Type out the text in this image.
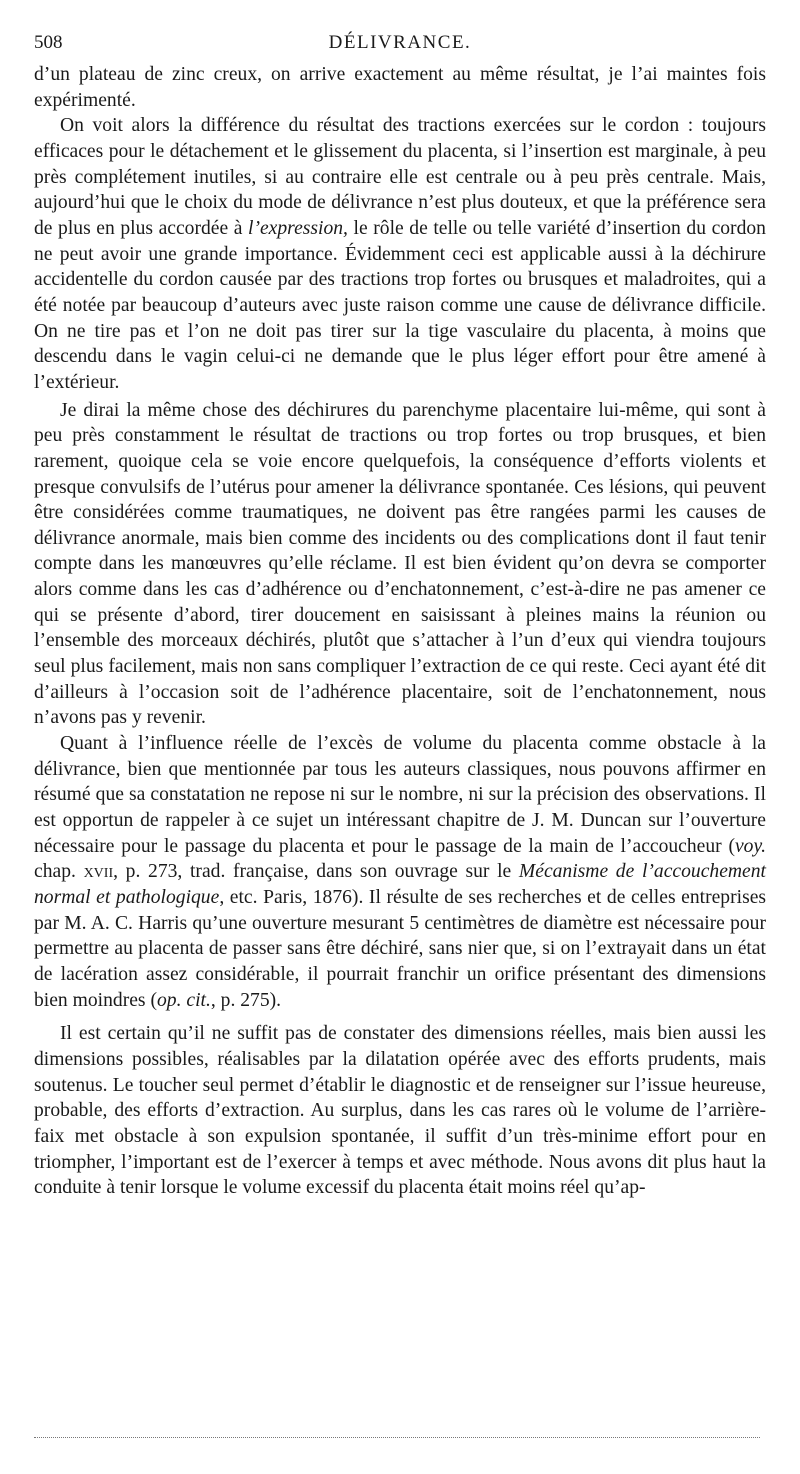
508	DÉLIVRANCE.

d’un plateau de zinc creux, on arrive exactement au même résultat, je l’ai maintes fois expérimenté.

On voit alors la différence du résultat des tractions exercées sur le cordon : toujours efficaces pour le détachement et le glissement du placenta, si l’insertion est marginale, à peu près complétement inutiles, si au contraire elle est centrale ou à peu près centrale. Mais, aujourd’hui que le choix du mode de délivrance n’est plus douteux, et que la préférence sera de plus en plus accordée à l’expression, le rôle de telle ou telle variété d’insertion du cordon ne peut avoir une grande importance. Évidemment ceci est applicable aussi à la déchirure accidentelle du cordon causée par des tractions trop fortes ou brusques et maladroites, qui a été notée par beaucoup d’auteurs avec juste raison comme une cause de délivrance difficile. On ne tire pas et l’on ne doit pas tirer sur la tige vasculaire du placenta, à moins que descendu dans le vagin celui-ci ne demande que le plus léger effort pour être amené à l’extérieur.

Je dirai la même chose des déchirures du parenchyme placentaire lui-même, qui sont à peu près constamment le résultat de tractions ou trop fortes ou trop brusques, et bien rarement, quoique cela se voie encore quelquefois, la conséquence d’efforts violents et presque convulsifs de l’utérus pour amener la délivrance spontanée. Ces lésions, qui peuvent être considérées comme traumatiques, ne doivent pas être rangées parmi les causes de délivrance anormale, mais bien comme des incidents ou des complications dont il faut tenir compte dans les manœuvres qu’elle réclame. Il est bien évident qu’on devra se comporter alors comme dans les cas d’adhérence ou d’enchatonnement, c’est-à-dire ne pas amener ce qui se présente d’abord, tirer doucement en saisissant à pleines mains la réunion ou l’ensemble des morceaux déchirés, plutôt que s’attacher à l’un d’eux qui viendra toujours seul plus facilement, mais non sans compliquer l’extraction de ce qui reste. Ceci ayant été dit d’ailleurs à l’occasion soit de l’adhérence placentaire, soit de l’enchatonnement, nous n’avons pas y revenir.

Quant à l’influence réelle de l’excès de volume du placenta comme obstacle à la délivrance, bien que mentionnée par tous les auteurs classiques, nous pouvons affirmer en résumé que sa constatation ne repose ni sur le nombre, ni sur la précision des observations. Il est opportun de rappeler à ce sujet un intéressant chapitre de J. M. Duncan sur l’ouverture nécessaire pour le passage du placenta et pour le passage de la main de l’accoucheur (voy. chap. xvii, p. 273, trad. française, dans son ouvrage sur le Mécanisme de l’accouchement normal et pathologique, etc. Paris, 1876). Il résulte de ses recherches et de celles entreprises par M. A. C. Harris qu’une ouverture mesurant 5 centimètres de diamètre est nécessaire pour permettre au placenta de passer sans être déchiré, sans nier que, si on l’extrayait dans un état de lacération assez considérable, il pourrait franchir un orifice présentant des dimensions bien moindres (op. cit., p. 275).

Il est certain qu’il ne suffit pas de constater des dimensions réelles, mais bien aussi les dimensions possibles, réalisables par la dilatation opérée avec des efforts prudents, mais soutenus. Le toucher seul permet d’établir le diagnostic et de renseigner sur l’issue heureuse, probable, des efforts d’extraction. Au surplus, dans les cas rares où le volume de l’arrière-faix met obstacle à son expulsion spontanée, il suffit d’un très-minime effort pour en triompher, l’important est de l’exercer à temps et avec méthode. Nous avons dit plus haut la conduite à tenir lorsque le volume excessif du placenta était moins réel qu’ap-
